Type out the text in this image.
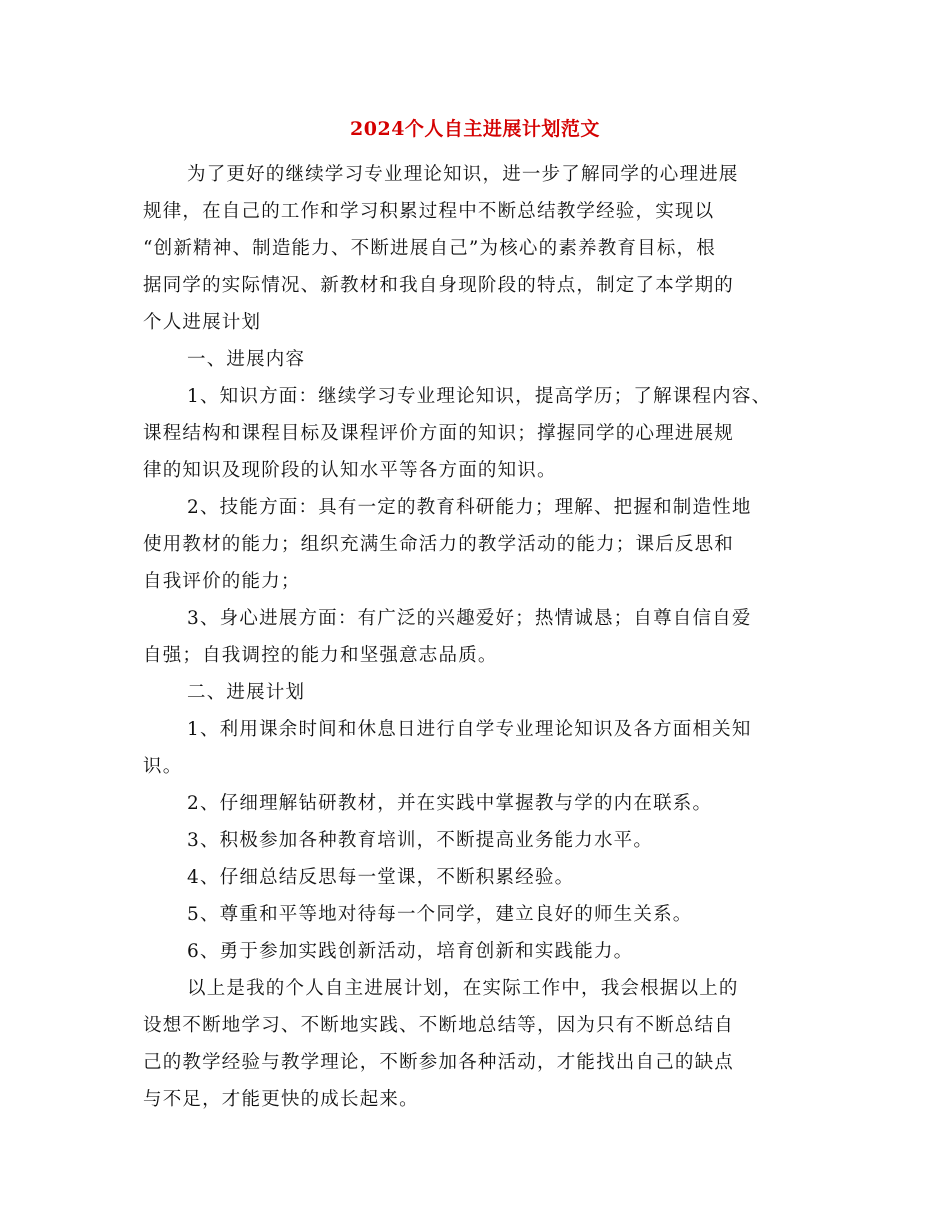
2024个人自主进展计划范文
为了更好的继续学习专业理论知识，进一步了解同学的心理进展
规律，在自己的工作和学习积累过程中不断总结教学经验，实现以
“创新精神、制造能力、不断进展自己”为核心的素养教育目标，根
据同学的实际情况、新教材和我自身现阶段的特点，制定了本学期的
个人进展计划
一、进展内容
1、知识方面：继续学习专业理论知识，提高学历；了解课程内容、
课程结构和课程目标及课程评价方面的知识；撑握同学的心理进展规
律的知识及现阶段的认知水平等各方面的知识。
2、技能方面：具有一定的教育科研能力；理解、把握和制造性地
使用教材的能力；组织充满生命活力的教学活动的能力；课后反思和
自我评价的能力；
3、身心进展方面：有广泛的兴趣爱好；热情诚恳；自尊自信自爱
自强；自我调控的能力和坚强意志品质。
二、进展计划
1、利用课余时间和休息日进行自学专业理论知识及各方面相关知
识。
2、仔细理解钻研教材，并在实践中掌握教与学的内在联系。
3、积极参加各种教育培训，不断提高业务能力水平。
4、仔细总结反思每一堂课，不断积累经验。
5、尊重和平等地对待每一个同学，建立良好的师生关系。
6、勇于参加实践创新活动，培育创新和实践能力。
以上是我的个人自主进展计划，在实际工作中，我会根据以上的
设想不断地学习、不断地实践、不断地总结等，因为只有不断总结自
己的教学经验与教学理论，不断参加各种活动，才能找出自己的缺点
与不足，才能更快的成长起来。
